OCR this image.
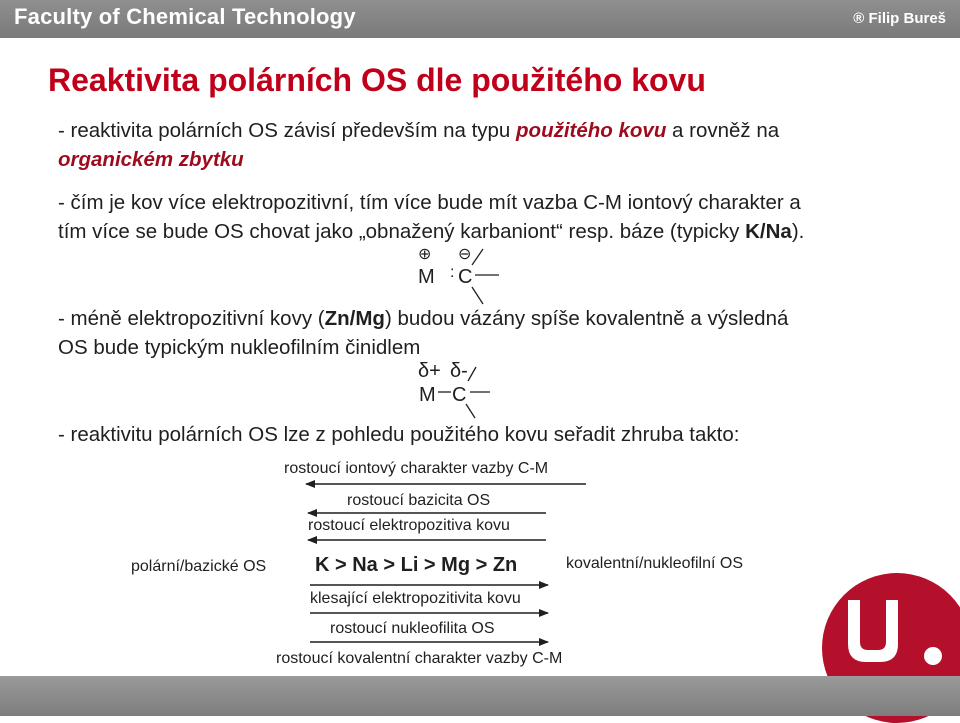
Faculty of Chemical Technology	® Filip Bureš
Reaktivita polárních OS dle použitého kovu
- reaktivita polárních OS závisí především na typu použitého kovu a rovněž na
organickém zbytku
- čím je kov více elektropozitivní, tím více bude mít vazba C-M iontový charakter a
tím více se bude OS chovat jako „obnažený karbaniont“ resp. báze (typicky K/Na).
⊕ ⊖
M : C
- méně elektropozitivní kovy (Zn/Mg) budou vázány spíše kovalentně a výsledná
OS bude typickým nukleofilním činidlem
δ+ δ-
M C
- reaktivitu polárních OS lze z pohledu použitého kovu seřadit zhruba takto:
rostoucí iontový charakter vazby C-M
rostoucí bazicita OS
rostoucí elektropozitiva kovu
polární/bazické OS K > Na > Li > Mg > Zn	kovalentní/nukleofilní OS
klesající elektropozitivita kovu
rostoucí nukleofilita OS
rostoucí kovalentní charakter vazby C-M
